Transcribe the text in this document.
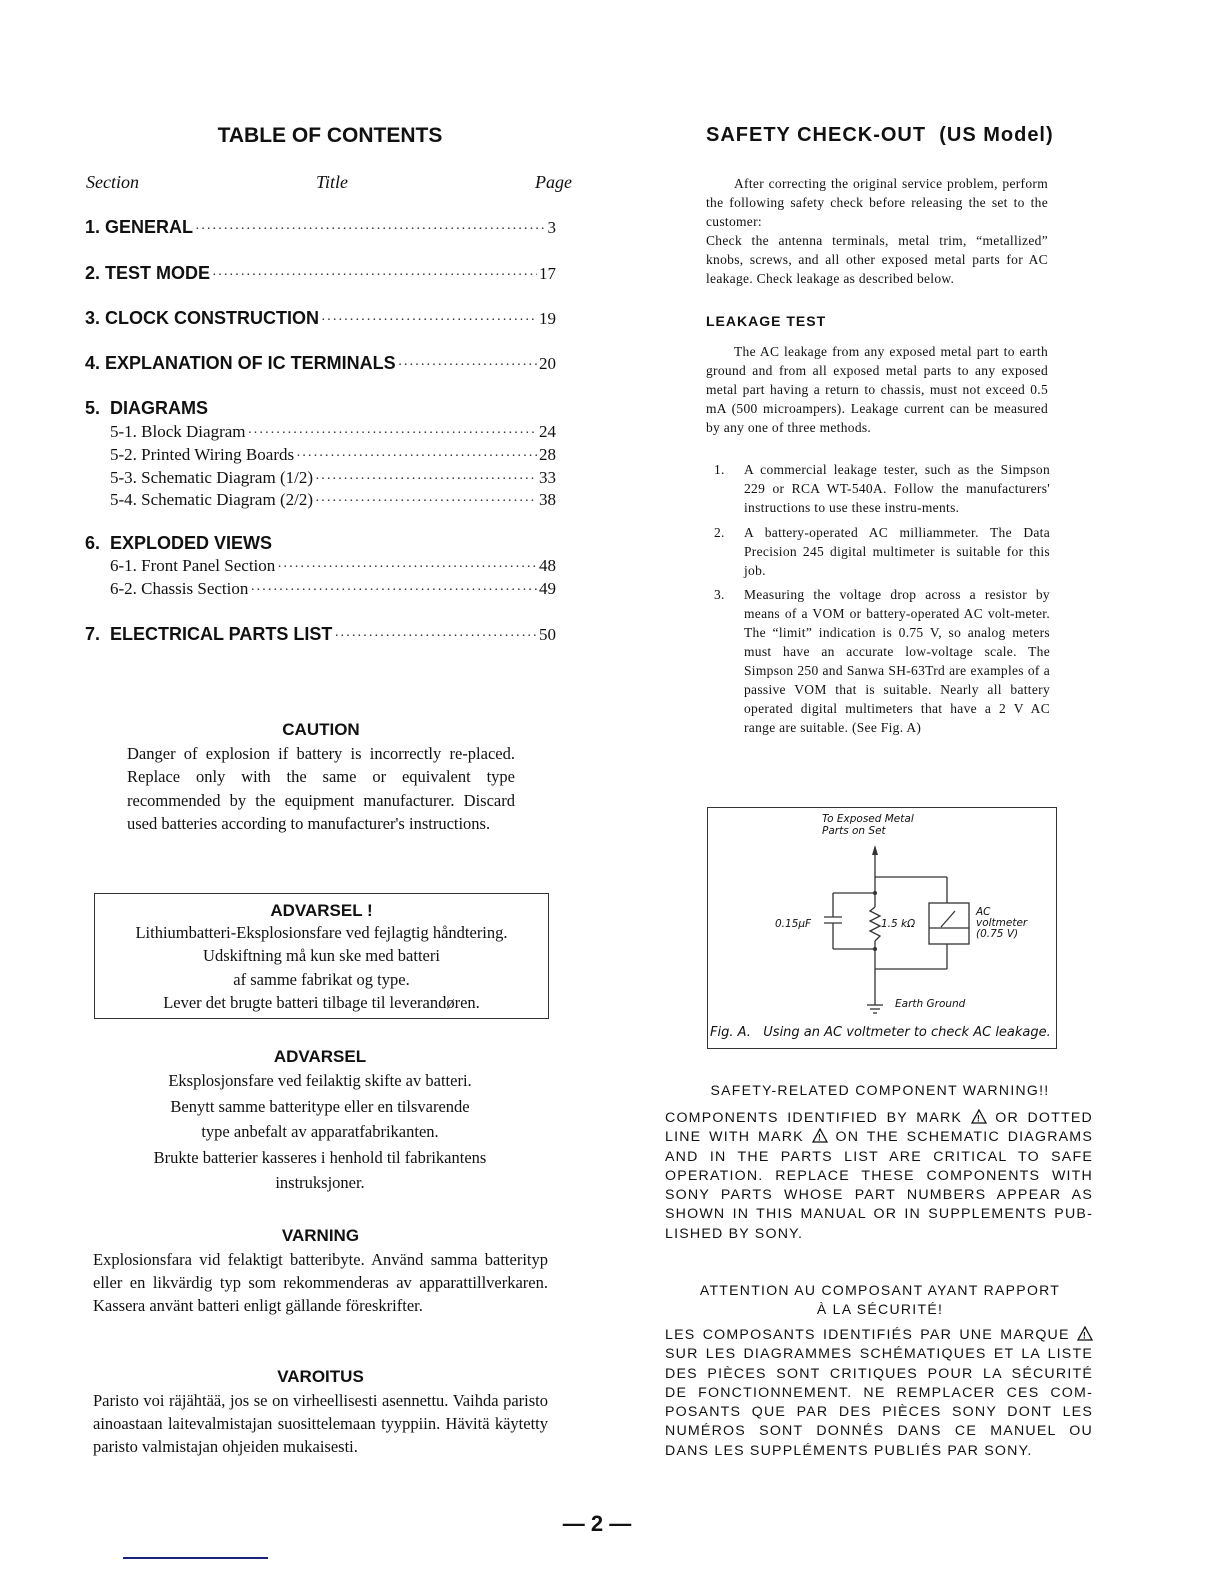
TABLE OF CONTENTS
Section	Title	Page
1. GENERAL ·····	3
2. TEST MODE ·····	17
3. CLOCK CONSTRUCTION ·····	19
4. EXPLANATION OF IC TERMINALS ·····	20
5.  DIAGRAMS
5-1. Block Diagram ·····	24
5-2. Printed Wiring Boards ·····	28
5-3. Schematic Diagram (1/2) ·····	33
5-4. Schematic Diagram (2/2) ·····	38
6.  EXPLODED VIEWS
6-1. Front Panel Section ·····	48
6-2. Chassis Section ·····	49
7.  ELECTRICAL PARTS LIST ·····	50
CAUTION
Danger of explosion if battery is incorrectly re-placed. Replace only with the same or equivalent type recommended by the equipment manufacturer. Discard used batteries according to manufacturer's instructions.
ADVARSEL !
Lithiumbatteri-Eksplosionsfare ved fejlagtig håndtering.
Udskiftning må kun ske med batteri
af samme fabrikat og type.
Lever det brugte batteri tilbage til leverandøren.
ADVARSEL
Eksplosjonsfare ved feilaktig skifte av batteri.
Benytt samme batteritype eller en tilsvarende
type anbefalt av apparatfabrikanten.
Brukte batterier kasseres i henhold til fabrikantens
instruksjoner.
VARNING
Explosionsfara vid felaktigt batteribyte. Använd samma batterityp eller en likvärdig typ som rekommenderas av apparattillverkaren. Kassera använt batteri enligt gällande föreskrifter.
VAROITUS
Paristo voi räjähtää, jos se on virheellisesti asennettu. Vaihda paristo ainoastaan laitevalmistajan suosittelemaan tyyppiin. Hävitä käytetty paristo valmistajan ohjeiden mukaisesti.
SAFETY CHECK-OUT (US Model)
After correcting the original service problem, perform the following safety check before releasing the set to the customer:
Check the antenna terminals, metal trim, “metallized” knobs, screws, and all other exposed metal parts for AC leakage. Check leakage as described below.
LEAKAGE TEST
The AC leakage from any exposed metal part to earth ground and from all exposed metal parts to any exposed metal part having a return to chassis, must not exceed 0.5 mA (500 microampers). Leakage current can be measured by any one of three methods.
1.	A commercial leakage tester, such as the Simpson 229 or RCA WT-540A. Follow the manufacturers' instructions to use these instru-ments.
2.	A battery-operated AC milliammeter. The Data Precision 245 digital multimeter is suitable for this job.
3.	Measuring the voltage drop across a resistor by means of a VOM or battery-operated AC volt-meter. The “limit” indication is 0.75 V, so analog meters must have an accurate low-voltage scale. The Simpson 250 and Sanwa SH-63Trd are examples of a passive VOM that is suitable. Nearly all battery operated digital multimeters that have a 2 V AC range are suitable. (See Fig. A)
To Exposed Metal
Parts on Set
0.15µF	1.5 kΩ
AC
voltmeter
(0.75 V)
Earth Ground
Fig. A. Using an AC voltmeter to check AC leakage.
SAFETY-RELATED COMPONENT WARNING!!
COMPONENTS IDENTIFIED BY MARK ! OR DOTTED LINE WITH MARK ! ON THE SCHEMATIC DIAGRAMS AND IN THE PARTS LIST ARE CRITICAL TO SAFE OPERATION. REPLACE THESE COMPONENTS WITH SONY PARTS WHOSE PART NUMBERS APPEAR AS SHOWN IN THIS MANUAL OR IN SUPPLEMENTS PUB-LISHED BY SONY.
ATTENTION AU COMPOSANT AYANT RAPPORT
À LA SÉCURITÉ!
LES COMPOSANTS IDENTIFIÉS PAR UNE MARQUE !
SUR LES DIAGRAMMES SCHÉMATIQUES ET LA LISTE DES PIÈCES SONT CRITIQUES POUR LA SÉCURITÉ DE FONCTIONNEMENT. NE REMPLACER CES COM-POSANTS QUE PAR DES PIÈCES SONY DONT LES NUMÉROS SONT DONNÉS DANS CE MANUEL OU DANS LES SUPPLÉMENTS PUBLIÉS PAR SONY.
— 2 —
